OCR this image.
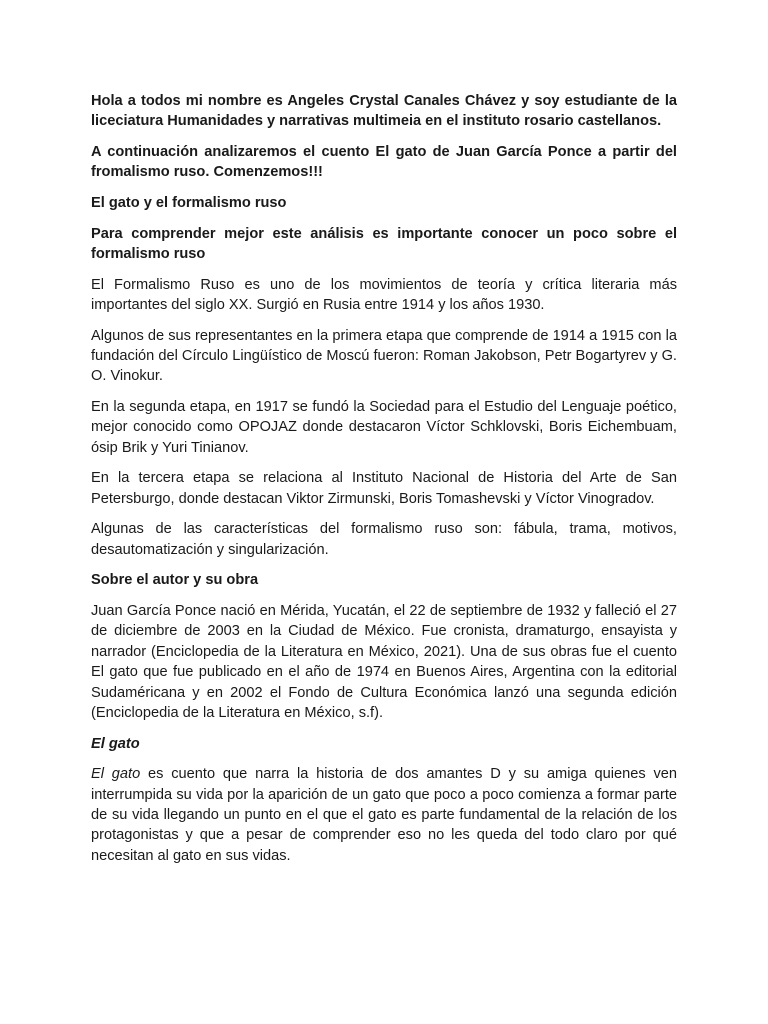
Hola a todos mi nombre es Angeles Crystal Canales Chávez y soy estudiante de la liceciatura Humanidades y narrativas multimeia en el instituto rosario castellanos.

A continuación analizaremos el cuento El gato de Juan García Ponce a partir del fromalismo ruso. Comenzemos!!!

El gato y el formalismo ruso

Para comprender mejor este análisis es importante conocer un poco sobre el formalismo ruso

El Formalismo Ruso es uno de los movimientos de teoría y crítica literaria más importantes del siglo XX. Surgió en Rusia entre 1914 y los años 1930.

Algunos de sus representantes en la primera etapa que comprende de 1914 a 1915 con la fundación del Círculo Lingüístico de Moscú fueron: Roman Jakobson, Petr Bogartyrev y G. O. Vinokur.

En la segunda etapa, en 1917 se fundó la Sociedad para el Estudio del Lenguaje poético, mejor conocido como OPOJAZ donde destacaron Víctor Schklovski, Boris Eichembuam, ósip Brik y Yuri Tinianov.

En la tercera etapa se relaciona al Instituto Nacional de Historia del Arte de San Petersburgo, donde destacan Viktor Zirmunski, Boris Tomashevski y Víctor Vinogradov.

Algunas de las características del formalismo ruso son: fábula, trama, motivos, desautomatización y singularización.

Sobre el autor y su obra

Juan García Ponce nació en Mérida, Yucatán, el 22 de septiembre de 1932 y falleció el 27 de diciembre de 2003 en la Ciudad de México. Fue cronista, dramaturgo, ensayista y narrador (Enciclopedia de la Literatura en México, 2021). Una de sus obras fue el cuento El gato que fue publicado en el año de 1974 en Buenos Aires, Argentina con la editorial Sudaméricana y en 2002 el Fondo de Cultura Económica lanzó una segunda edición (Enciclopedia de la Literatura en México, s.f).

El gato

El gato es cuento que narra la historia de dos amantes D y su amiga quienes ven interrumpida su vida por la aparición de un gato que poco a poco comienza a formar parte de su vida llegando un punto en el que el gato es parte fundamental de la relación de los protagonistas y que a pesar de comprender eso no les queda del todo claro por qué necesitan al gato en sus vidas.
